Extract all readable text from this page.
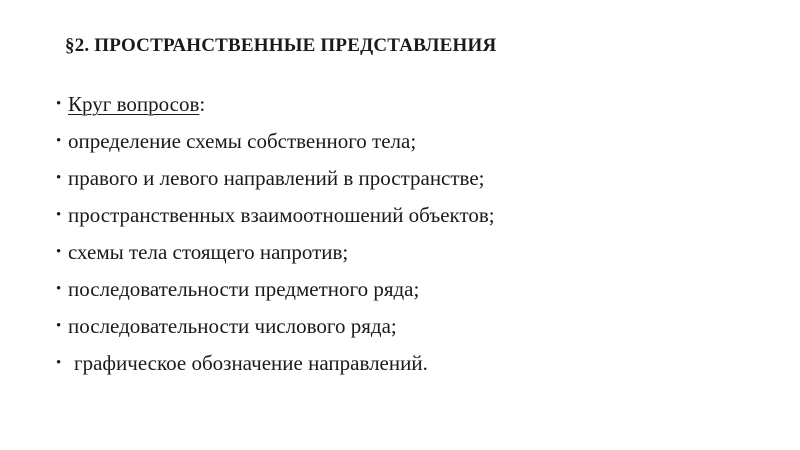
§2. ПРОСТРАНСТВЕННЫЕ ПРЕДСТАВЛЕНИЯ
• Круг вопросов :
• определение схемы собственного тела;
• правого и левого направлений в пространстве;
• пространственных взаимоотношений объектов;
• схемы тела стоящего напротив;
• последовательности предметного ряда;
• последовательности числового ряда;
• графическое обозначение направлений.
